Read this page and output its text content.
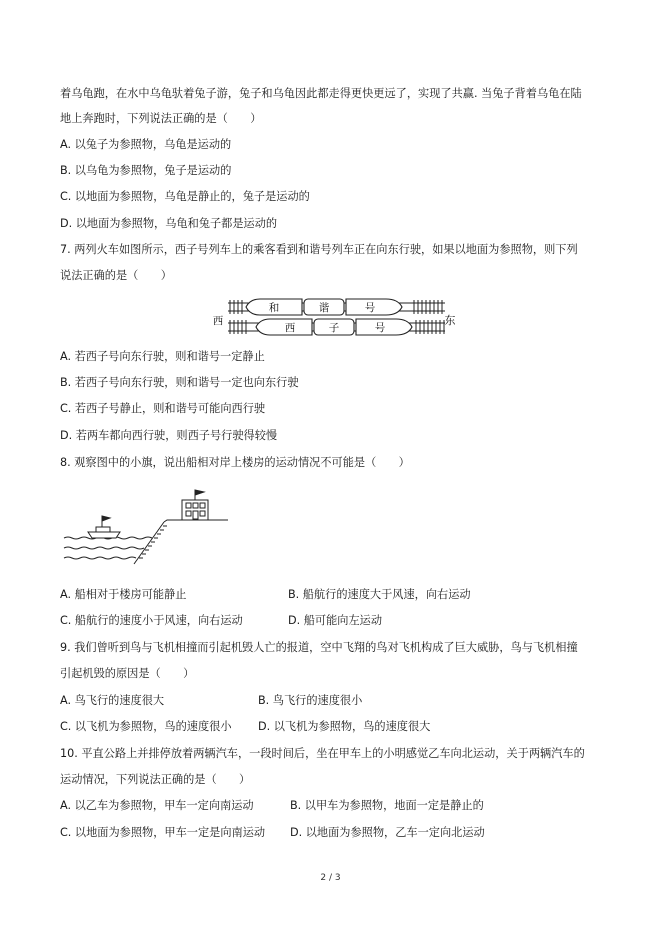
着乌龟跑，在水中乌龟驮着兔子游，兔子和乌龟因此都走得更快更远了，实现了共赢. 当兔子背着乌龟在陆
地上奔跑时，下列说法正确的是（　　）
A. 以兔子为参照物，乌龟是运动的
B. 以乌龟为参照物，兔子是运动的
C. 以地面为参照物，乌龟是静止的，兔子是运动的
D. 以地面为参照物，乌龟和兔子都是运动的
7. 两列火车如图所示，西子号列车上的乘客看到和谐号列车正在向东行驶，如果以地面为参照物，则下列
说法正确的是（　　）
和	谐	号
西	子	号
西	东
A. 若西子号向东行驶，则和谐号一定静止
B. 若西子号向东行驶，则和谐号一定也向东行驶
C. 若西子号静止，则和谐号可能向西行驶
D. 若两车都向西行驶，则西子号行驶得较慢
8. 观察图中的小旗，说出船相对岸上楼房的运动情况不可能是（　　）
A. 船相对于楼房可能静止	B. 船航行的速度大于风速，向右运动
C. 船航行的速度小于风速，向右运动	D. 船可能向左运动
9. 我们曾听到鸟与飞机相撞而引起机毁人亡的报道，空中飞翔的鸟对飞机构成了巨大威胁，鸟与飞机相撞
引起机毁的原因是（　　）
A. 鸟飞行的速度很大	B. 鸟飞行的速度很小
C. 以飞机为参照物，鸟的速度很小 D. 以飞机为参照物，鸟的速度很大
10. 平直公路上并排停放着两辆汽车，一段时间后，坐在甲车上的小明感觉乙车向北运动，关于两辆汽车的
运动情况，下列说法正确的是（　　）
A. 以乙车为参照物，甲车一定向南运动	B. 以甲车为参照物，地面一定是静止的
C. 以地面为参照物，甲车一定是向南运动 D. 以地面为参照物，乙车一定向北运动
2 / 3
